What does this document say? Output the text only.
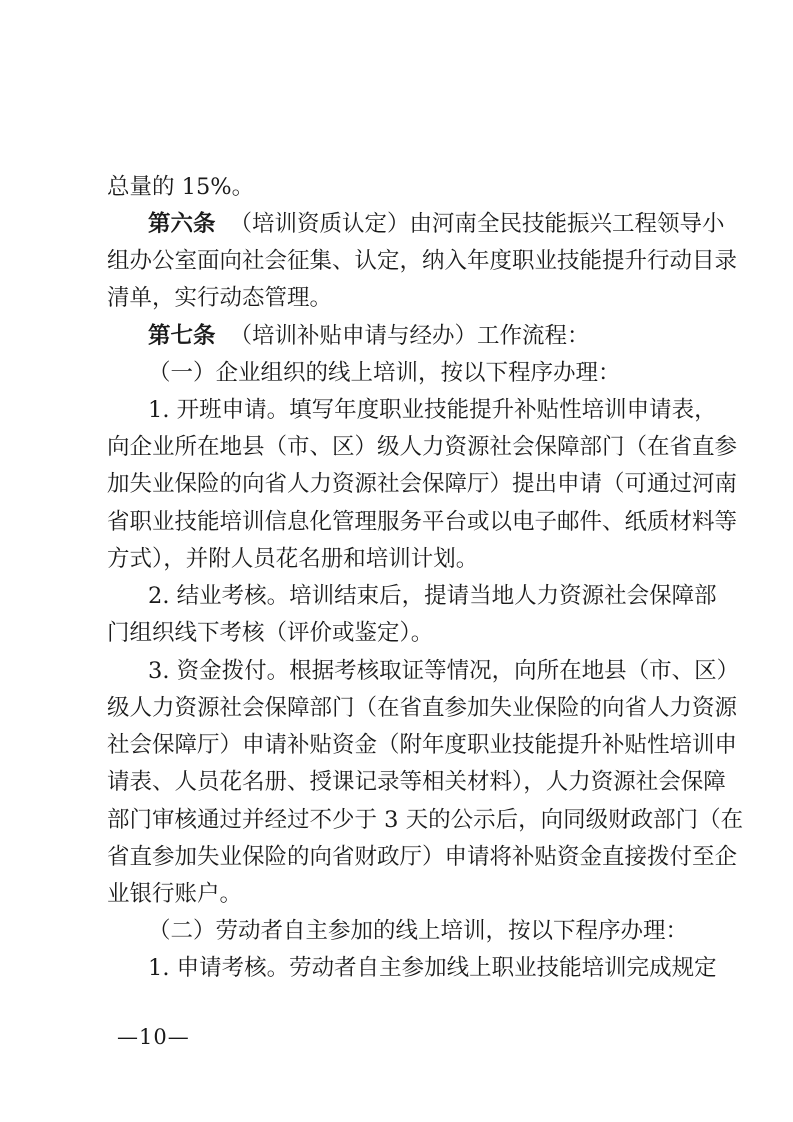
总量的 15%。
第六条 （培训资质认定）由河南全民技能振兴工程领导小
组办公室面向社会征集、认定，纳入年度职业技能提升行动目录
清单，实行动态管理。
第七条 （培训补贴申请与经办）工作流程：
（一）企业组织的线上培训，按以下程序办理：
1. 开班申请。填写年度职业技能提升补贴性培训申请表，
向企业所在地县（市、区）级人力资源社会保障部门（在省直参
加失业保险的向省人力资源社会保障厅）提出申请（可通过河南
省职业技能培训信息化管理服务平台或以电子邮件、纸质材料等
方式），并附人员花名册和培训计划。
2. 结业考核。培训结束后，提请当地人力资源社会保障部
门组织线下考核（评价或鉴定）。
3. 资金拨付。根据考核取证等情况，向所在地县（市、区）
级人力资源社会保障部门（在省直参加失业保险的向省人力资源
社会保障厅）申请补贴资金（附年度职业技能提升补贴性培训申
请表、人员花名册、授课记录等相关材料），人力资源社会保障
部门审核通过并经过不少于 3 天的公示后，向同级财政部门（在
省直参加失业保险的向省财政厅）申请将补贴资金直接拨付至企
业银行账户。
（二）劳动者自主参加的线上培训，按以下程序办理：
1. 申请考核。劳动者自主参加线上职业技能培训完成规定
—10—
